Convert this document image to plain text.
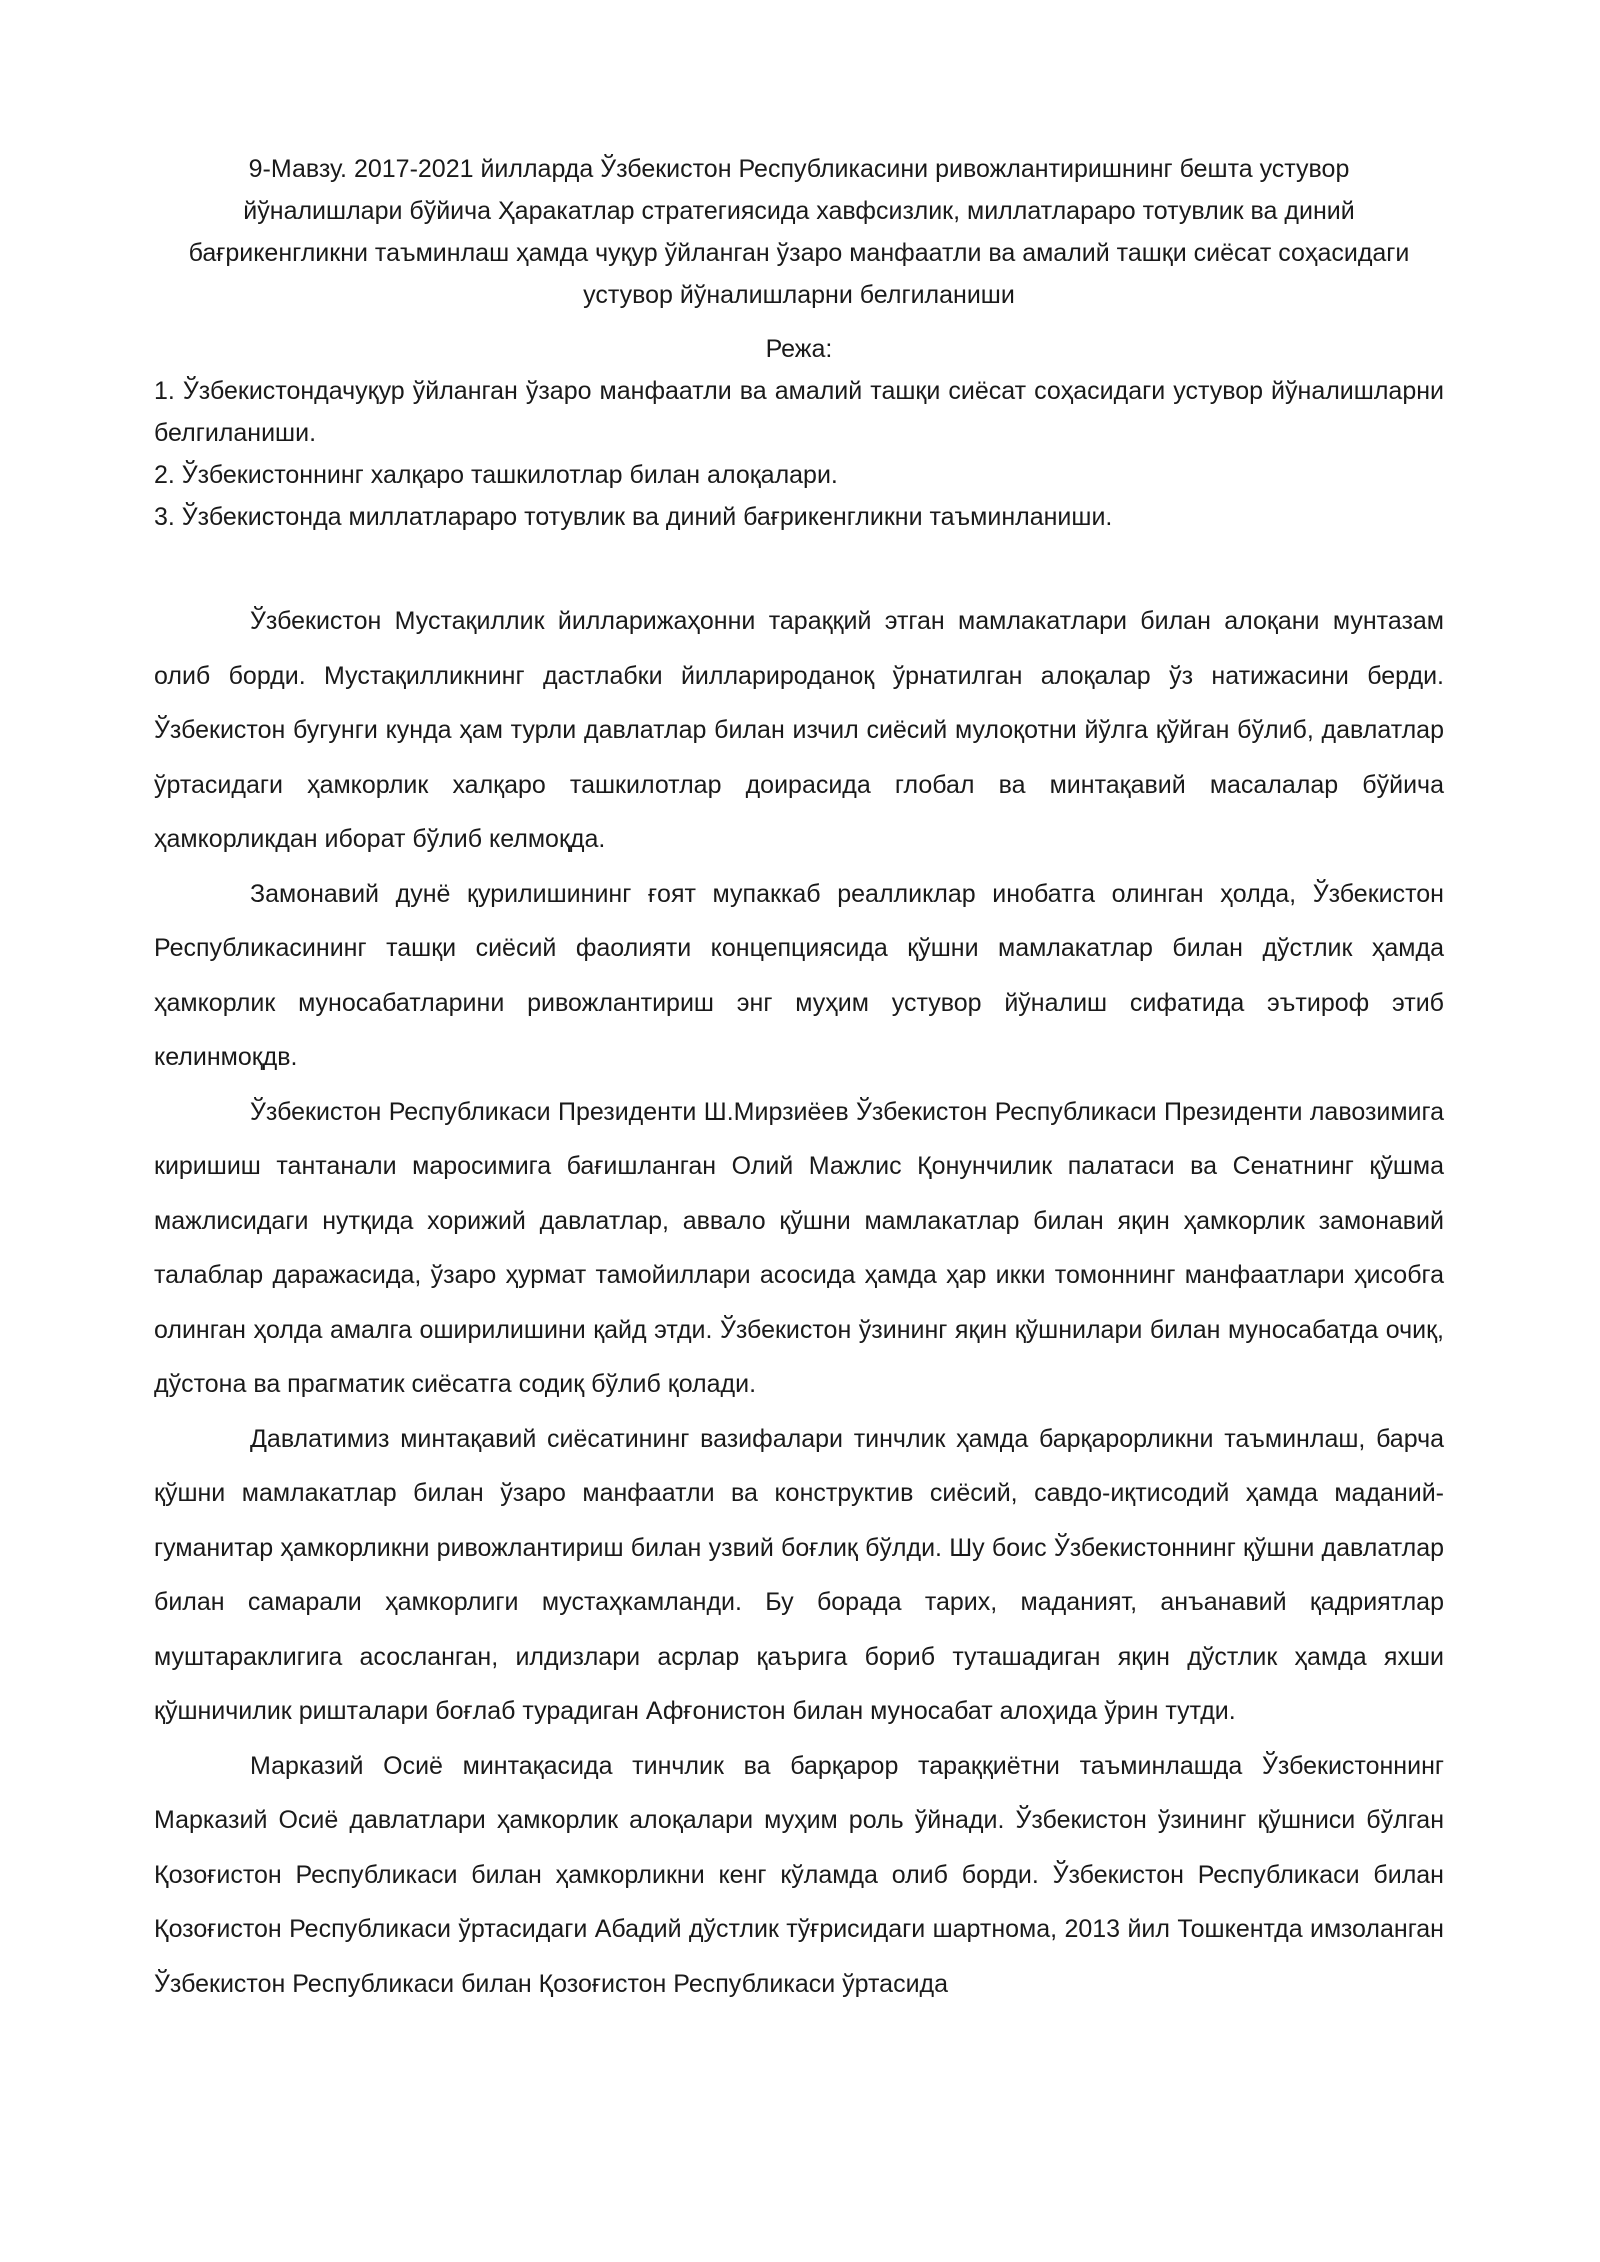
9-Мавзу. 2017-2021 йилларда Ўзбекистон Республикасини ривожлантиришнинг бешта устувор йўналишлари бўйича Ҳаракатлар стратегиясида хавфсизлик, миллатлараро тотувлик ва диний бағрикенгликни таъминлаш ҳамда чуқур ўйланган ўзаро манфаатли ва амалий ташқи сиёсат соҳасидаги устувор йўналишларни белгиланиши
Режа:
1. Ўзбекистондачуқур ўйланган ўзаро манфаатли ва амалий ташқи сиёсат соҳасидаги устувор йўналишларни белгиланиши.
2. Ўзбекистоннинг халқаро ташкилотлар билан алоқалари.
3. Ўзбекистонда миллатлараро тотувлик ва диний бағрикенгликни таъминланиши.

Ўзбекистон Мустақиллик йилларижаҳонни тараққий этган мамлакатлари билан алоқани мунтазам олиб борди. Мустақилликнинг дастлабки йилларироданоқ ўрнатилган алоқалар ўз натижасини берди. Ўзбекистон бугунги кунда ҳам турли давлатлар билан изчил сиёсий мулоқотни йўлга қўйган бўлиб, давлатлар ўртасидаги ҳамкорлик халқаро ташкилотлар доирасида глобал ва минтақавий масалалар бўйича ҳамкорликдан иборат бўлиб келмоқда.

Замонавий дунё қурилишининг ғоят мупаккаб реалликлар инобатга олинган ҳолда, Ўзбекистон Республикасининг ташқи сиёсий фаолияти концепциясида қўшни мамлакатлар билан дўстлик ҳамда ҳамкорлик муносабатларини ривожлантириш энг муҳим устувор йўналиш сифатида эътироф этиб келинмоқдв.

Ўзбекистон Республикаси Президенти Ш.Мирзиёев Ўзбекистон Республикаси Президенти лавозимига киришиш тантанали маросимига бағишланган Олий Мажлис Қонунчилик палатаси ва Сенатнинг қўшма мажлисидаги нутқида хорижий давлатлар, аввало қўшни мамлакатлар билан яқин ҳамкорлик замонавий талаблар даражасида, ўзаро ҳурмат тамойиллари асосида ҳамда ҳар икки томоннинг манфаатлари ҳисобга олинган ҳолда амалга оширилишини қайд этди. Ўзбекистон ўзининг яқин қўшнилари билан муносабатда очиқ, дўстона ва прагматик сиёсатга содиқ бўлиб қолади.

Давлатимиз минтақавий сиёсатининг вазифалари тинчлик ҳамда барқарорликни таъминлаш, барча қўшни мамлакатлар билан ўзаро манфаатли ва конструктив сиёсий, савдо-иқтисодий ҳамда маданий-гуманитар ҳамкорликни ривожлантириш билан узвий боғлиқ бўлди. Шу боис Ўзбекистоннинг қўшни давлатлар билан самарали ҳамкорлиги мустаҳкамланди. Бу борада тарих, маданият, анъанавий қадриятлар муштараклигига асосланган, илдизлари асрлар қаърига бориб туташадиган яқин дўстлик ҳамда яхши қўшничилик риштaлари боғлаб турадиган Афғонистон билан муносабат алоҳида ўрин тутди.

Марказий Осиё минтақасида тинчлик ва барқарор тараққиётни таъминлашда Ўзбекистоннинг Марказий Осиё давлатлари ҳамкорлик алоқалари муҳим роль ўйнади. Ўзбекистон ўзининг қўшниси бўлган Қозоғистон Республикаси билан ҳамкорликни кенг кўламда олиб борди. Ўзбекистон Республикаси билан Қозоғистон Республикаси ўртасидаги Абадий дўстлик тўғрисидаги шартнома, 2013 йил Тошкентда имзоланган Ўзбекистон Республикаси билан Қозоғистон Республикаси ўртасида
